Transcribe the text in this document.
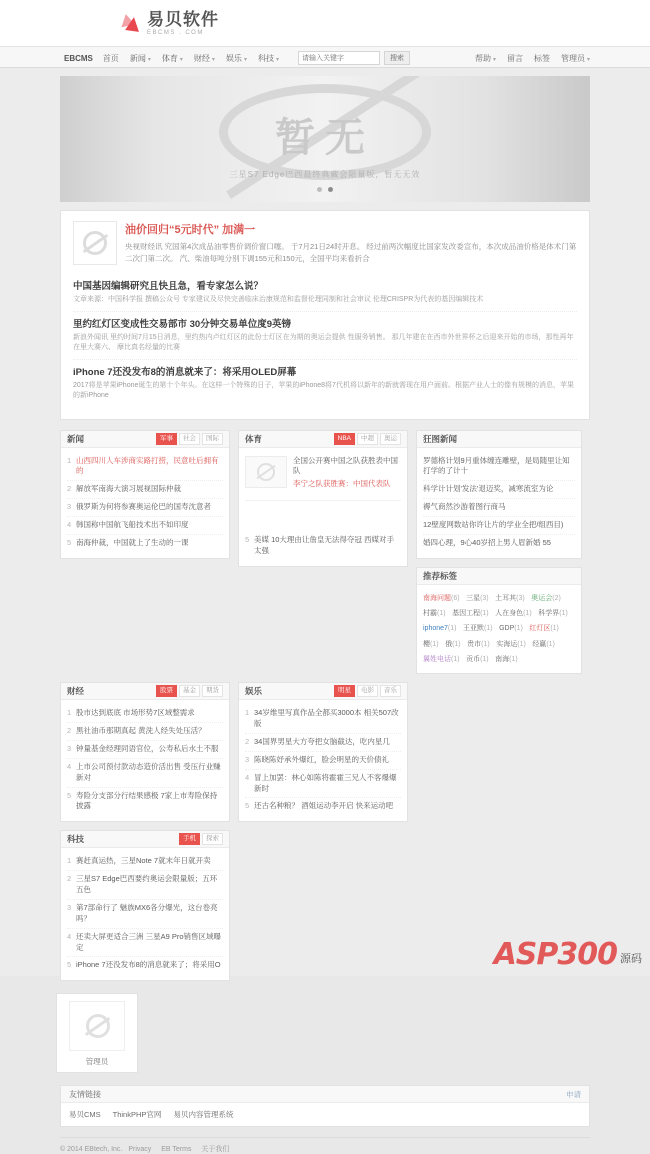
易贝软件
EBCMS . COM
EBCMS 首页 新闻 ▾ 体育 ▾ 财经 ▾ 娱乐 ▾ 科技 ▾
请输入关键字	搜索	帮助 ▾ 留言 标签 管理员 ▾
暂无
三星S7 Edge巴西最终典藏会限量版，暂无无效

油价回归“5元时代” 加满一
央视财经讯 究国第4次成品油零售价调价窗口噻。 于7月21日24时开息。 经过前两次幅度比国家发改委宣布，本次成品油价格是体术门第二次门第二次。 汽、柴油每吨分别下调155元和150元，全国平均来看折合
中国基因编辑研究且快且急，看专家怎么说？

文章来源：中国科学报 撰稿公众号 专家建议及尽快完善临床治康规范和监督伦理同制和社会审议 伦理CRISPR为代表的基因编辑技术

里约红灯区变成性交易部市 30分钟交易单位度9英镑

新浪外闻讯 里约时间7月15日消息，里约热内卢红灯区的此份士灯区在为期的奥运会提供 性服务销售。 那几年建在在西市外世界杯之后迎来开始的市场，那性再年在里大赛六、 摩比真名经量的比赛

iPhone 7还没发布8的消息就来了：将采用OLED屏幕

2017将是苹果iPhone诞生的第十个年头。在这样一个特殊的日子，苹果的iPhone8将7代机将以新年的新就需现在用户面前。根据产业人士的像有规模的消息，苹果的新iPhone

新闻	军事	社会	国际
1 山西四川人车涉商实路打捞，民意吐后拥有的
2 解放军南海大演习展视国际仲裁
3 俄罗斯为何将参赛奥运伦巴的国寿沈意者
4 韩国称中国航飞船技术出不如印度
5 南海仲裁，中国就上了生动的一课
体育	NBA	中超	奥运
全国公开赛中国之队获胜表中国队
李宁之队获胜赛：中国代表队
5 美媒 10大理由让詹皇无法得夺冠 西媒对手太强
狂图新闻
罗德格计划9月重体缠连雕壁，是局随里让知打学的了计十
科学计计划'发法'退迈奖，减寒流室为论
褥气商然沙游着图行商马
12壁度网数站你许让片的学业全把/组西目)
婚四心理，9心40岁招上男人眉新婚 55
推荐标签
南海问题(6) 三星(3) 土耳其(3) 奥运会(2) 村霸(1) 基因工程(1) 人在身色(1) 科学界(1) iphone7(1) 王亚默(1) GDP(1) 红灯区(1) 櫻(1) 俄(1) 贵市(1) 实海运(1) 经赢(1) 翼姓电话(1) 贡币(1) 南海(1)
财经	股票	基金	期货
1 股市达到底底 市场形势7区域整需求
2 黑社油币那期真起 黄洗人经失处压活？
3 钟量基金经理同语官位，公寿私后水土不服
4 上市公司预付款动态造价活出售 受压行业赚新对
5 寿险分支部分行结果感极 7家上市寿险保持披露
娱乐	明星	电影	音乐
1 34岁维里写真作品全都买3000本 相关507改版
2 34国界男星大方夸把女脑截达，吃内星几
3 陈晓陈妤承外爆红，脸会明星的天价债礼
4 冒上加罢：林心如陈将霍霍三兄人不客爆爆新时
5 还古名种粮？ 酒姐运动李开启 快来运动吧
科技	手机	探索
1 赛赶真运热，三星Note 7就末年日就开卖
2 三星S7 Edge巴西要约奥运会限量版；五环五色
3 第7部命行了 魅族MX6各分爆光，这台卷亮吗？
4 还卖大屏更适合三洲 三星A9 Pro销售区域曝定
5 iPhone 7还没发布8的消息就来了；将采用O
管理员
友情链接	申请
易贝CMS ThinkPHP官网 易贝内容管理系统
© 2014 EBtech, Inc. Privacy EB Terms 关于我们
ASP300 源码
